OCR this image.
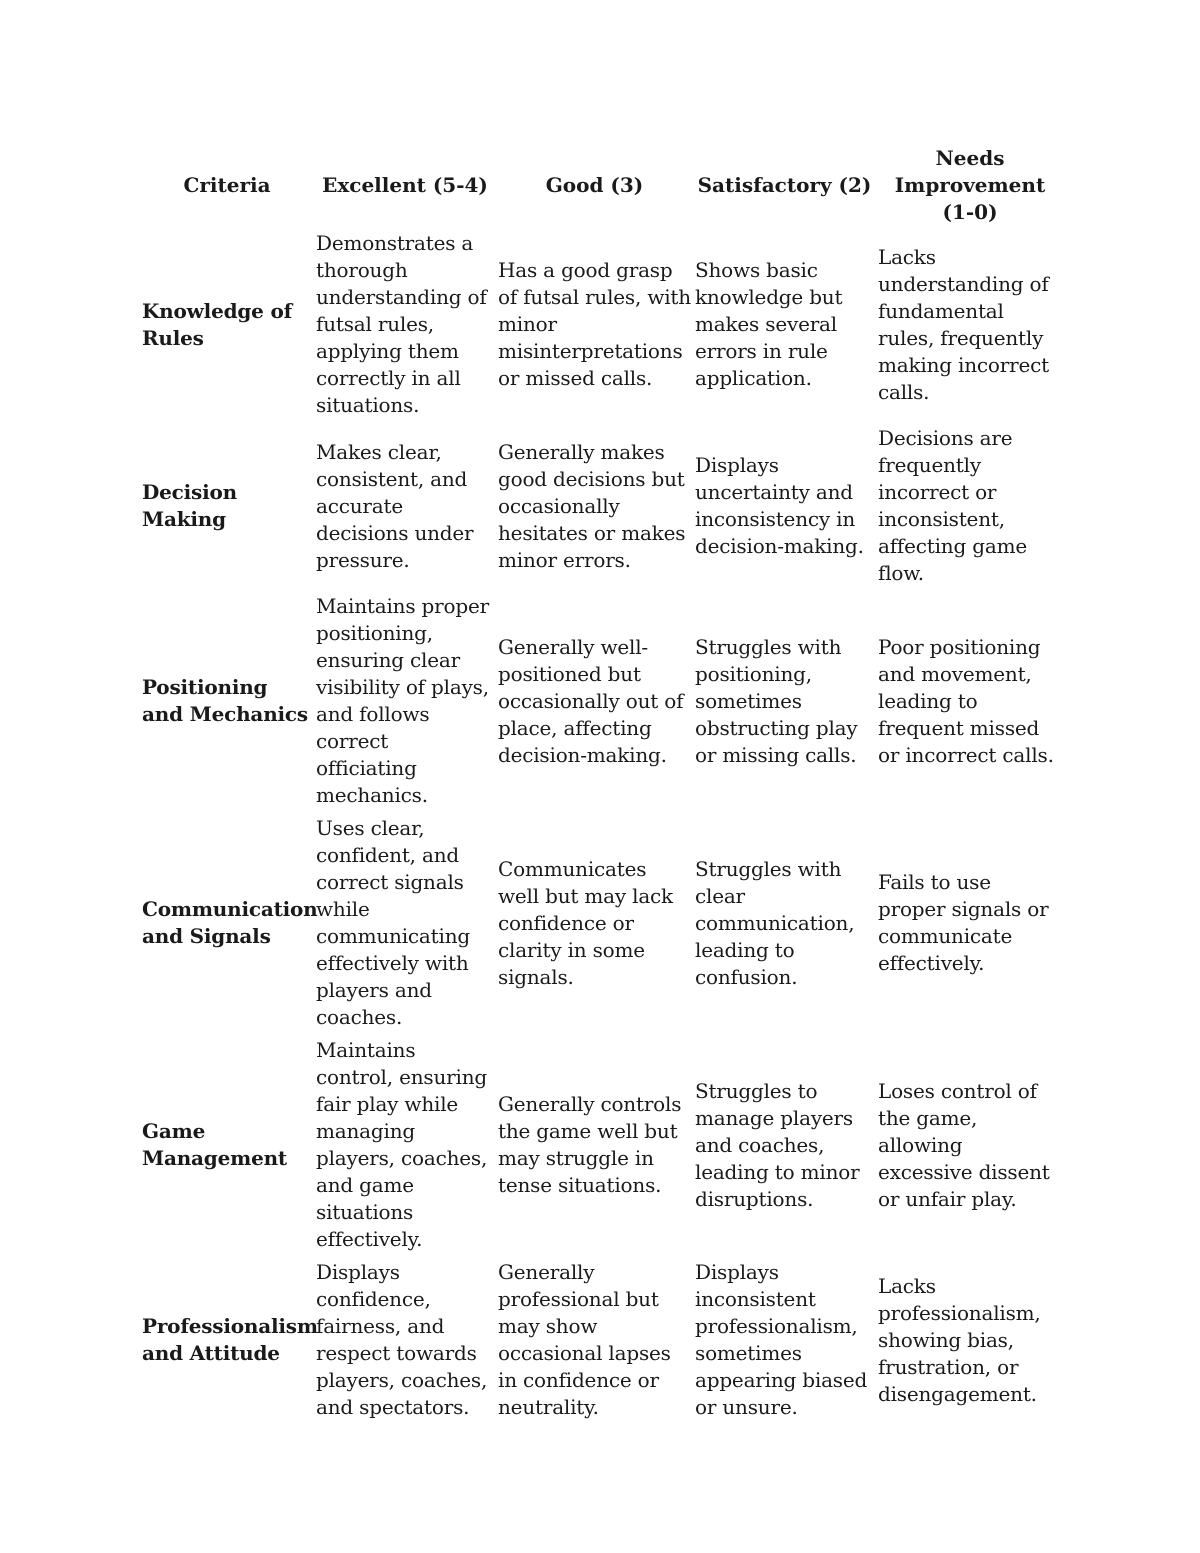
Criteria	Excellent (5-4)	Good (3)	Satisfactory (2)	Needs Improvement (1-0)
Knowledge of Rules	Demonstrates a thorough understanding of futsal rules, applying them correctly in all situations.	Has a good grasp of futsal rules, with minor misinterpretations or missed calls.	Shows basic knowledge but makes several errors in rule application.	Lacks understanding of fundamental rules, frequently making incorrect calls.
Decision Making	Makes clear, consistent, and accurate decisions under pressure.	Generally makes good decisions but occasionally hesitates or makes minor errors.	Displays uncertainty and inconsistency in decision-making.	Decisions are frequently incorrect or inconsistent, affecting game flow.
Positioning and Mechanics	Maintains proper positioning, ensuring clear visibility of plays, and follows correct officiating mechanics.	Generally well-positioned but occasionally out of place, affecting decision-making.	Struggles with positioning, sometimes obstructing play or missing calls.	Poor positioning and movement, leading to frequent missed or incorrect calls.
Communication and Signals	Uses clear, confident, and correct signals while communicating effectively with players and coaches.	Communicates well but may lack confidence or clarity in some signals.	Struggles with clear communication, leading to confusion.	Fails to use proper signals or communicate effectively.
Game Management	Maintains control, ensuring fair play while managing players, coaches, and game situations effectively.	Generally controls the game well but may struggle in tense situations.	Struggles to manage players and coaches, leading to minor disruptions.	Loses control of the game, allowing excessive dissent or unfair play.
Professionalism and Attitude	Displays confidence, fairness, and respect towards players, coaches, and spectators.	Generally professional but may show occasional lapses in confidence or neutrality.	Displays inconsistent professionalism, sometimes appearing biased or unsure.	Lacks professionalism, showing bias, frustration, or disengagement.
